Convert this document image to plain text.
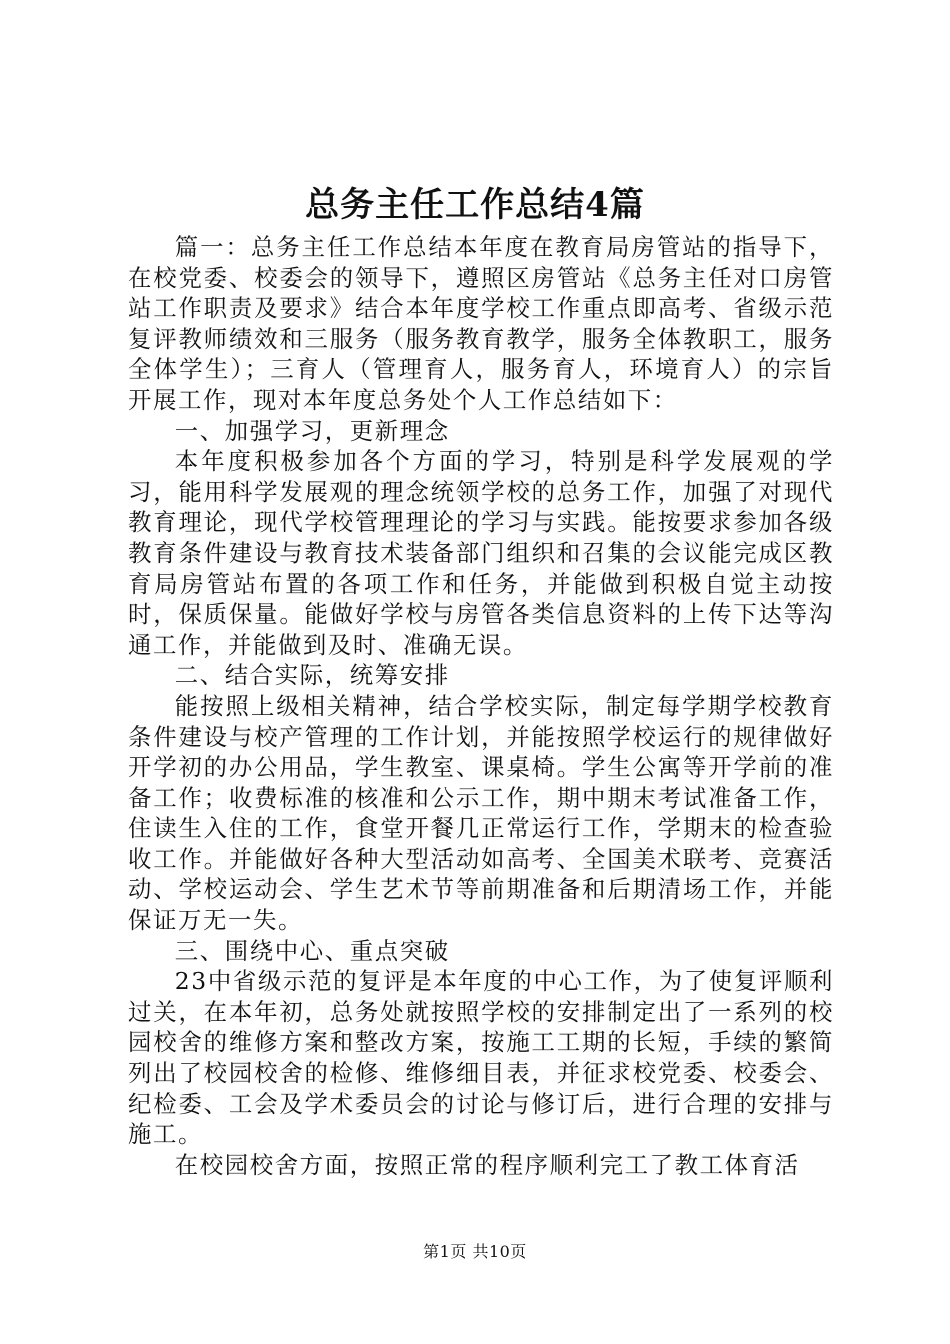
总务主任工作总结4篇

篇一：总务主任工作总结本年度在教育局房管站的指导下，在校党委、校委会的领导下，遵照区房管站《总务主任对口房管站工作职责及要求》结合本年度学校工作重点即高考、省级示范复评教师绩效和三服务（服务教育教学，服务全体教职工，服务全体学生）；三育人（管理育人，服务育人，环境育人）的宗旨开展工作，现对本年度总务处个人工作总结如下：

一、加强学习，更新理念

本年度积极参加各个方面的学习，特别是科学发展观的学习，能用科学发展观的理念统领学校的总务工作，加强了对现代教育理论，现代学校管理理论的学习与实践。能按要求参加各级教育条件建设与教育技术装备部门组织和召集的会议能完成区教育局房管站布置的各项工作和任务，并能做到积极自觉主动按时，保质保量。能做好学校与房管各类信息资料的上传下达等沟通工作，并能做到及时、准确无误。

二、结合实际，统筹安排

能按照上级相关精神，结合学校实际，制定每学期学校教育条件建设与校产管理的工作计划，并能按照学校运行的规律做好开学初的办公用品，学生教室、课桌椅。学生公寓等开学前的准备工作；收费标准的核准和公示工作，期中期末考试准备工作，住读生入住的工作，食堂开餐几正常运行工作，学期末的检查验收工作。并能做好各种大型活动如高考、全国美术联考、竞赛活动、学校运动会、学生艺术节等前期准备和后期清场工作，并能保证万无一失。

三、围绕中心、重点突破

23中省级示范的复评是本年度的中心工作，为了使复评顺利过关，在本年初，总务处就按照学校的安排制定出了一系列的校园校舍的维修方案和整改方案，按施工工期的长短，手续的繁简列出了校园校舍的检修、维修细目表，并征求校党委、校委会、纪检委、工会及学术委员会的讨论与修订后，进行合理的安排与施工。

在校园校舍方面，按照正常的程序顺利完工了教工体育活

第1页 共10页
